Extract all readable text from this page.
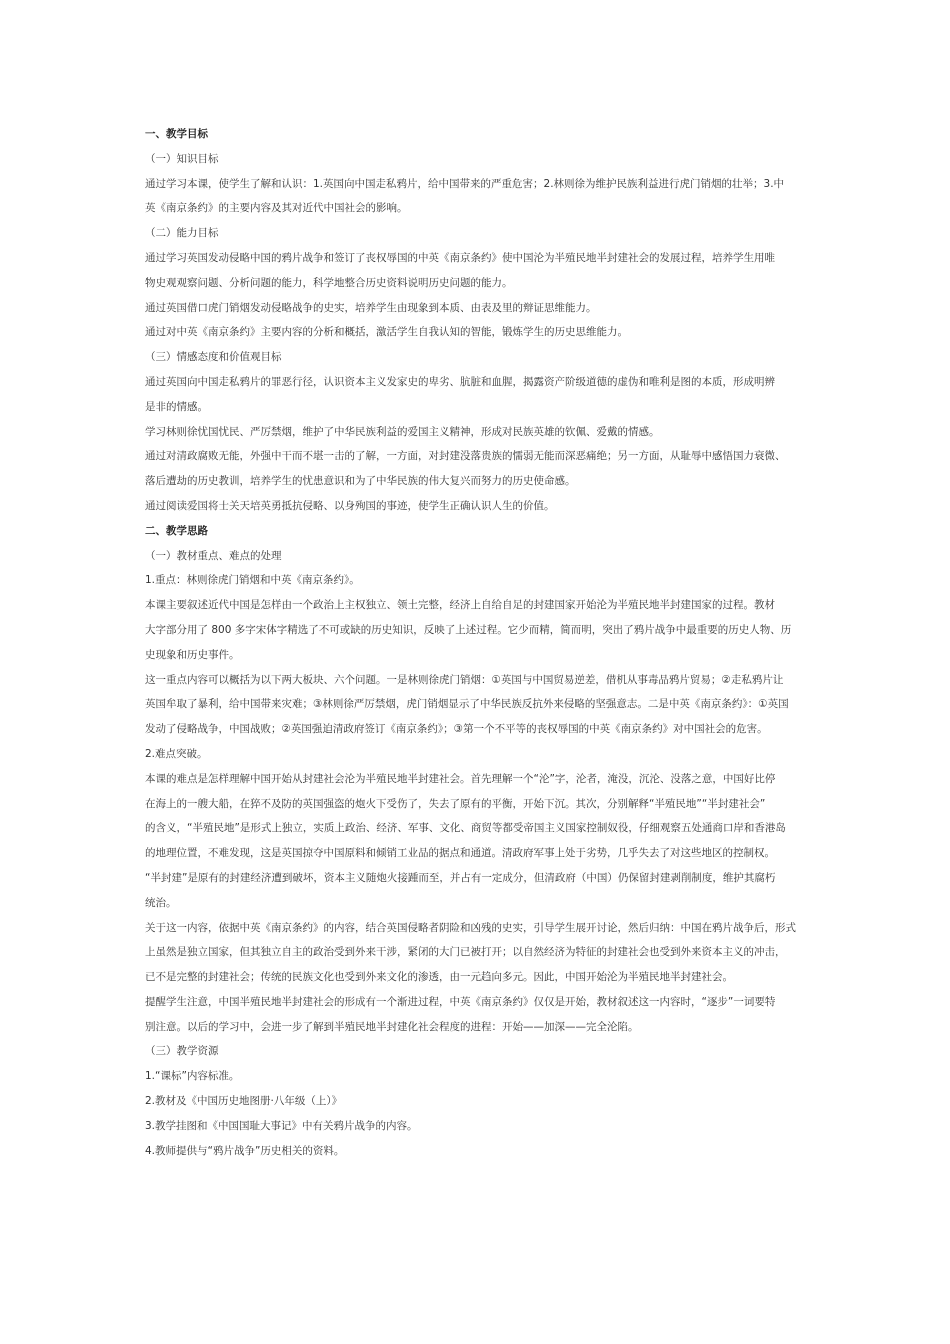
一、教学目标
（一）知识目标
通过学习本课，使学生了解和认识：1.英国向中国走私鸦片，给中国带来的严重危害；2.林则徐为维护民族利益进行虎门销烟的壮举；3.中
英《南京条约》的主要内容及其对近代中国社会的影响。
（二）能力目标
通过学习英国发动侵略中国的鸦片战争和签订了丧权辱国的中英《南京条约》使中国沦为半殖民地半封建社会的发展过程，培养学生用唯
物史观观察问题、分析问题的能力，科学地整合历史资料说明历史问题的能力。
通过英国借口虎门销烟发动侵略战争的史实，培养学生由现象到本质、由表及里的辩证思维能力。
通过对中英《南京条约》主要内容的分析和概括，激活学生自我认知的智能，锻炼学生的历史思维能力。
（三）情感态度和价值观目标
通过英国向中国走私鸦片的罪恶行径，认识资本主义发家史的卑劣、肮脏和血腥，揭露资产阶级道德的虚伪和唯利是图的本质，形成明辨
是非的情感。
学习林则徐忧国忧民、严厉禁烟，维护了中华民族利益的爱国主义精神，形成对民族英雄的钦佩、爱戴的情感。
通过对清政腐败无能，外强中干而不堪一击的了解，一方面，对封建没落贵族的懦弱无能而深恶痛绝；另一方面，从耻辱中感悟国力衰微、
落后遭劫的历史教训，培养学生的忧患意识和为了中华民族的伟大复兴而努力的历史使命感。
通过阅读爱国将士关天培英勇抵抗侵略、以身殉国的事迹，使学生正确认识人生的价值。
二、教学思路
（一）教材重点、难点的处理
1.重点：林则徐虎门销烟和中英《南京条约》。
本课主要叙述近代中国是怎样由一个政治上主权独立、领土完整，经济上自给自足的封建国家开始沦为半殖民地半封建国家的过程。教材
大字部分用了 800 多字宋体字精选了不可或缺的历史知识，反映了上述过程。它少而精，简而明，突出了鸦片战争中最重要的历史人物、历
史现象和历史事件。
这一重点内容可以概括为以下两大板块、六个问题。一是林则徐虎门销烟：①英国与中国贸易逆差，借机从事毒品鸦片贸易；②走私鸦片让
英国牟取了暴利，给中国带来灾难；③林则徐严厉禁烟，虎门销烟显示了中华民族反抗外来侵略的坚强意志。二是中英《南京条约》：①英国
发动了侵略战争，中国战败；②英国强迫清政府签订《南京条约》；③第一个不平等的丧权辱国的中英《南京条约》对中国社会的危害。
2.难点突破。
本课的难点是怎样理解中国开始从封建社会沦为半殖民地半封建社会。首先理解一个“沦”字，沦者，淹没，沉沦、没落之意，中国好比停
在海上的一艘大船，在猝不及防的英国强盗的炮火下受伤了，失去了原有的平衡，开始下沉。其次，分别解释“半殖民地”“半封建社会”
的含义，“半殖民地”是形式上独立，实质上政治、经济、军事、文化、商贸等都受帝国主义国家控制奴役，仔细观察五处通商口岸和香港岛
的地理位置，不难发现，这是英国掠夺中国原料和倾销工业品的据点和通道。清政府军事上处于劣势，几乎失去了对这些地区的控制权。
“半封建”是原有的封建经济遭到破坏，资本主义随炮火接踵而至，并占有一定成分，但清政府（中国）仍保留封建剥削制度，维护其腐朽
统治。
关于这一内容，依据中英《南京条约》的内容，结合英国侵略者阴险和凶残的史实，引导学生展开讨论，然后归纳：中国在鸦片战争后，形式
上虽然是独立国家，但其独立自主的政治受到外来干涉，紧闭的大门已被打开；以自然经济为特征的封建社会也受到外来资本主义的冲击，
已不是完整的封建社会；传统的民族文化也受到外来文化的渗透，由一元趋向多元。因此，中国开始沦为半殖民地半封建社会。
提醒学生注意，中国半殖民地半封建社会的形成有一个渐进过程，中英《南京条约》仅仅是开始，教材叙述这一内容时，“逐步”一词要特
别注意。以后的学习中，会进一步了解到半殖民地半封建化社会程度的进程：开始——加深——完全沦陷。
（三）教学资源
1.“课标”内容标准。
2.教材及《中国历史地图册·八年级（上）》
3.教学挂图和《中国国耻大事记》中有关鸦片战争的内容。
4.教师提供与“鸦片战争”历史相关的资料。
